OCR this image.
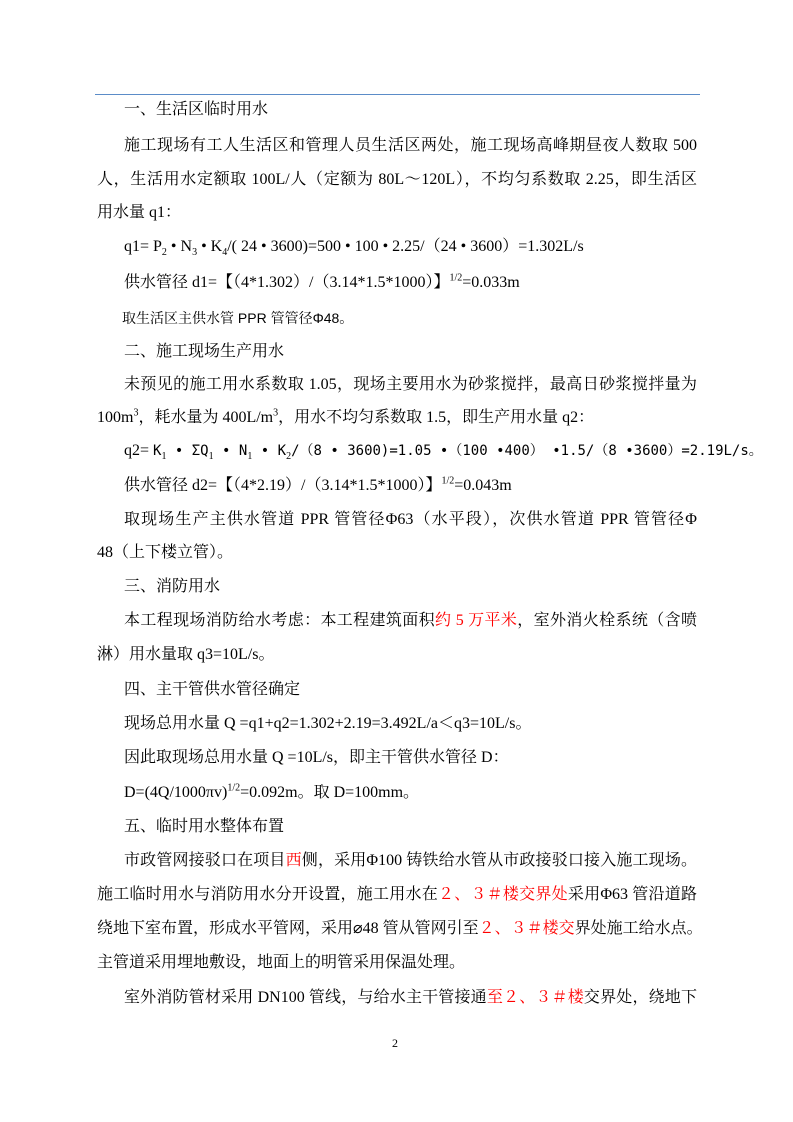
一、生活区临时用水
施工现场有工人生活区和管理人员生活区两处，施工现场高峰期昼夜人数取 500
人，生活用水定额取 100L/人（定额为 80L～120L），不均匀系数取 2.25，即生活区
用水量 q1：
$q1= P_2$ • $N_3$ • $K_4/$( 24 • 3600)=500 • 100 • 2.25/（24 • 3600）=1.302L/s
供水管径 d1=【（4*1.302）/（3.14*1.5*1000）】$^{1/2}$=0.033m
取生活区主供水管 PPR 管管径Φ48。
二、施工现场生产用水
未预见的施工用水系数取 1.05，现场主要用水为砂浆搅拌，最高日砂浆搅拌量为
$100m^3$，耗水量为 $400L/m^3$，用水不均匀系数取 1.5，即生产用水量 q2：
$q2= K_1$ • $\Sigma Q_1$ • $N_1$ • $K_2/(8$ • 3600)=1.05 •（100 •400） •1.5/（8 •3600）=2.19L/s。
供水管径 d2=【（4*2.19）/（3.14*1.5*1000）】$^{1/2}$=0.043m
取现场生产主供水管道 PPR 管管径Φ63（水平段），次供水管道 PPR 管管径Φ
48（上下楼立管）。
三、消防用水
本工程现场消防给水考虑：本工程建筑面积约 5 万平米，室外消火栓系统（含喷
淋）用水量取 q3=10L/s。
四、主干管供水管径确定
现场总用水量 Q =q1+q2=1.302+2.19=3.492L/a＜q3=10L/s。
因此取现场总用水量 Q =10L/s，即主干管供水管径 D：
$D=(4Q/1000\pi v)^{1/2}=0.092m$。取 D=100mm。
五、临时用水整体布置
市政管网接驳口在项目西侧，采用Φ100 铸铁给水管从市政接驳口接入施工现场。
施工临时用水与消防用水分开设置，施工用水在２、３＃楼交界处采用Φ63 管沿道路
绕地下室布置，形成水平管网，采用⌀48 管从管网引至２、３＃楼交界处施工给水点。
主管道采用埋地敷设，地面上的明管采用保温处理。
室外消防管材采用 DN100 管线，与给水主干管接通至２、３＃楼交界处，绕地下
2
